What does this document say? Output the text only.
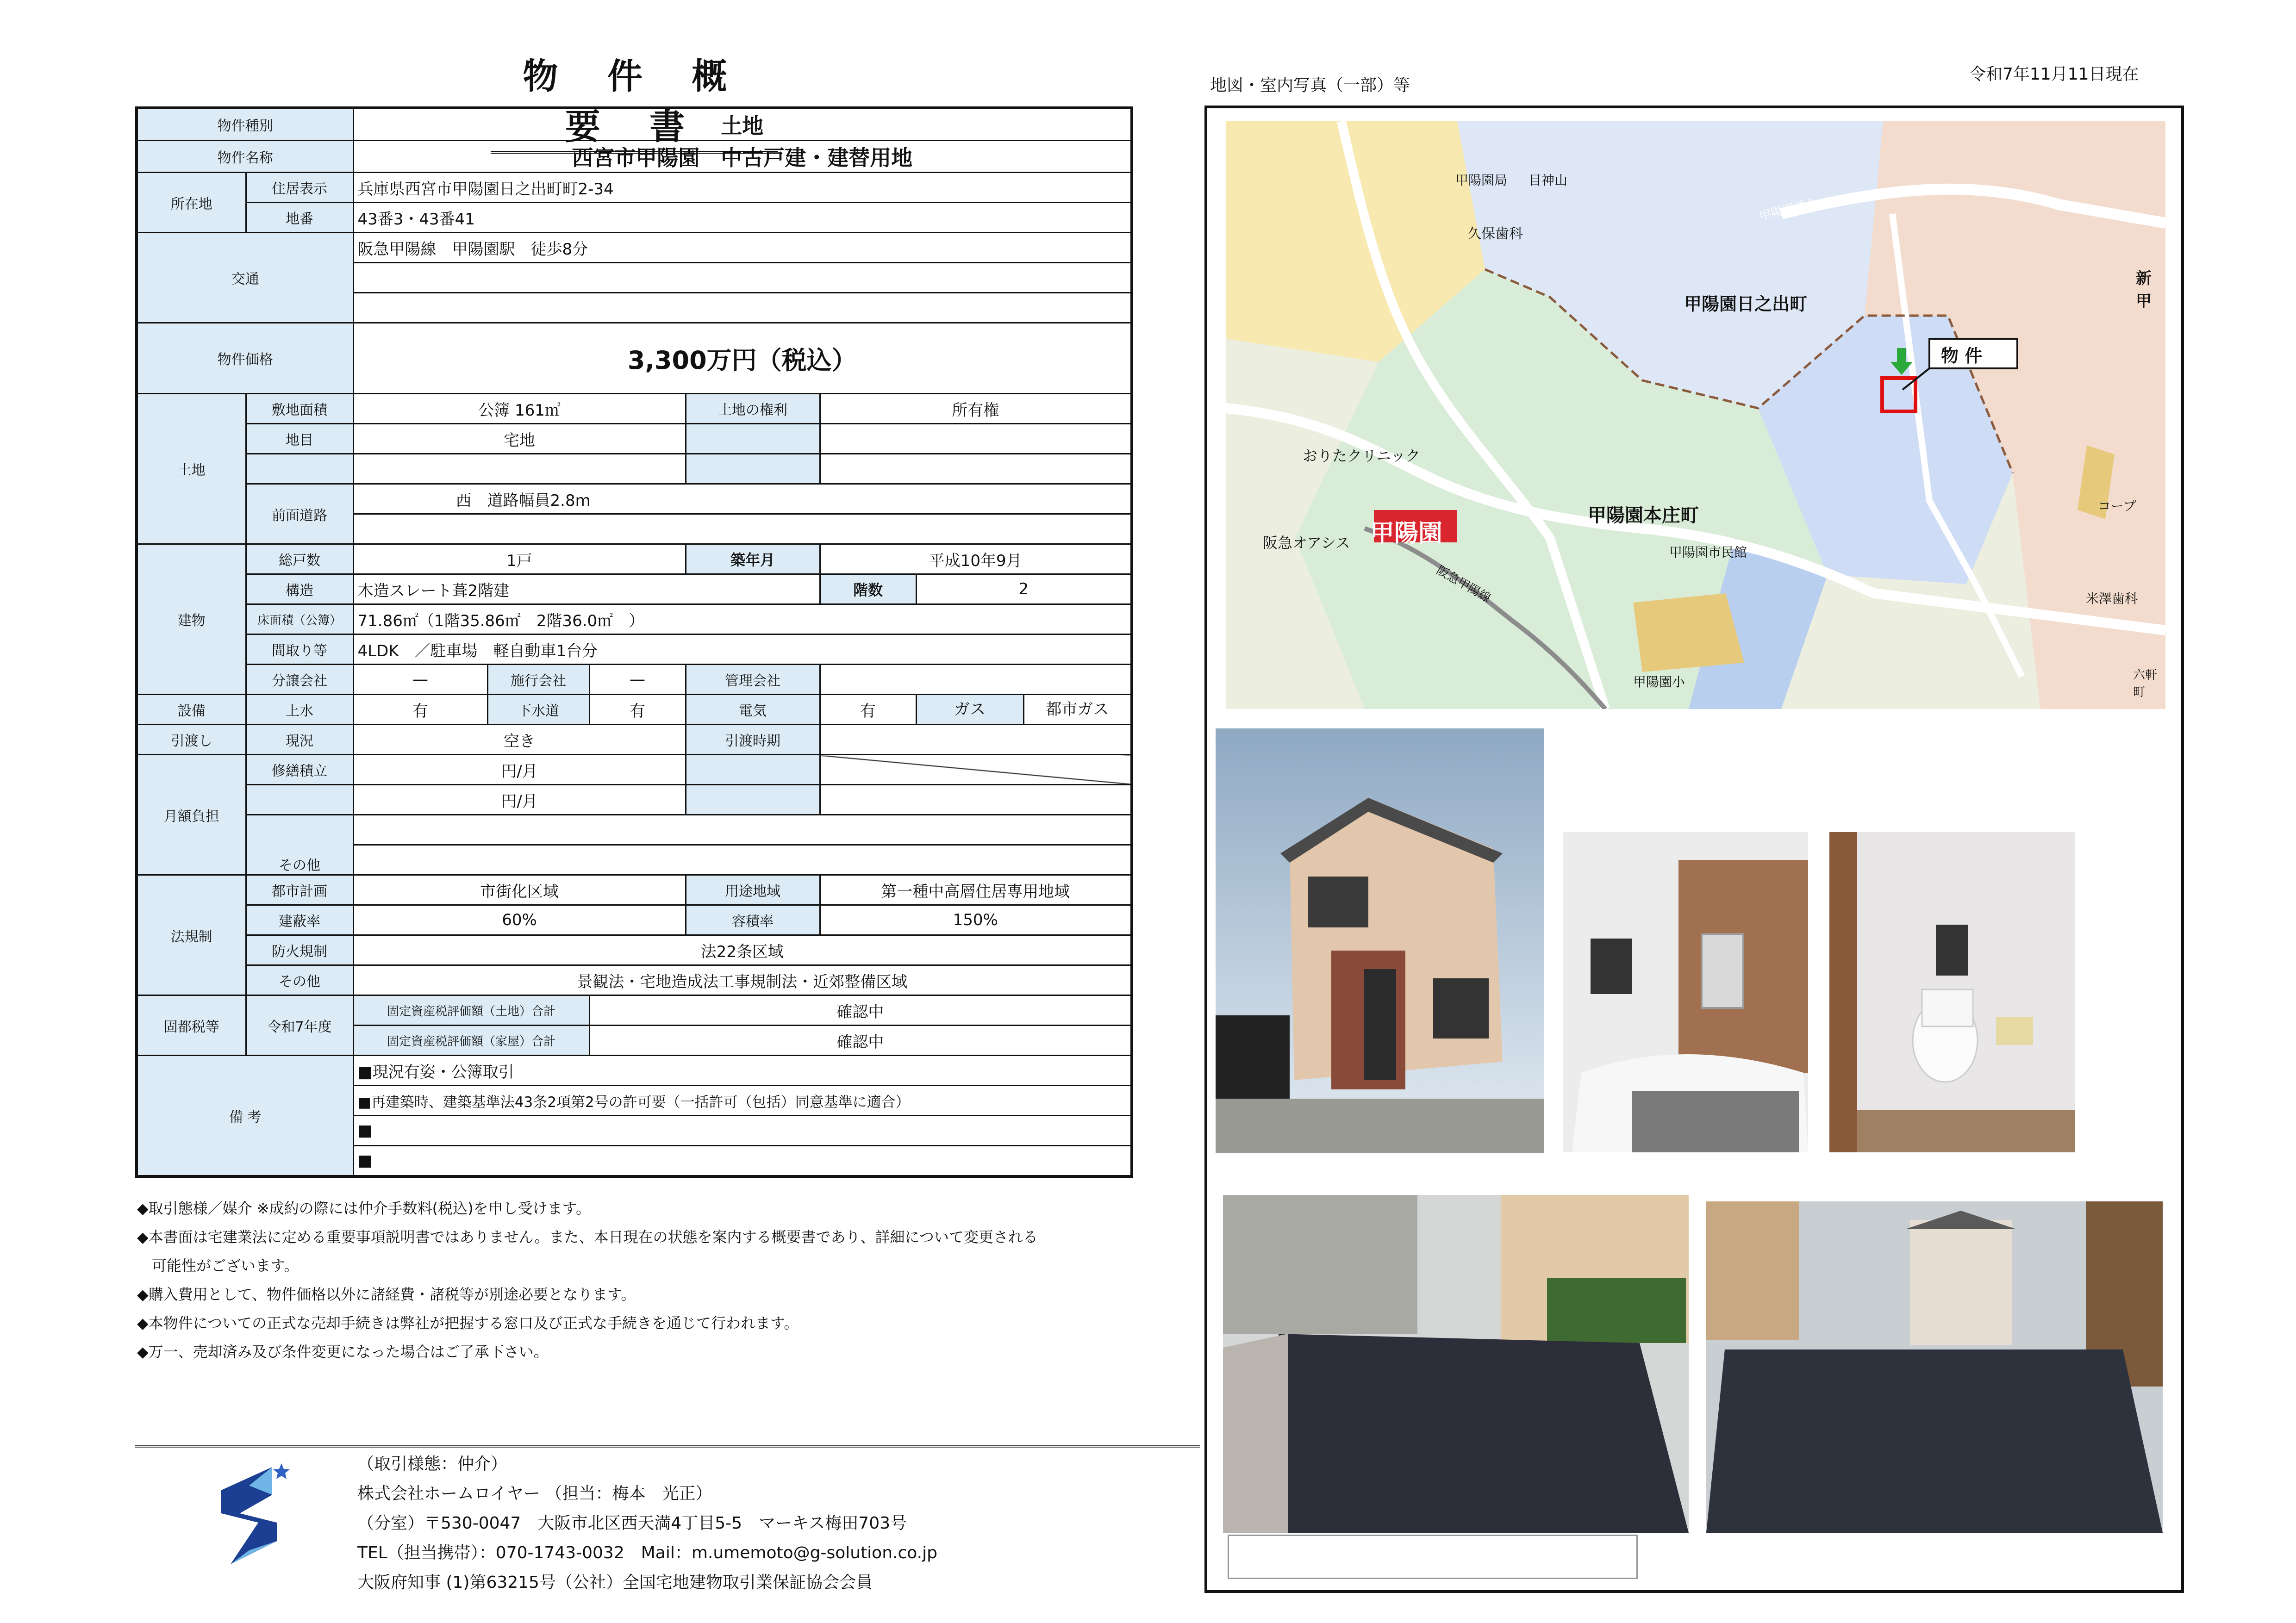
物 件 概 要 書
地図・室内写真（一部）等
令和7年11月11日現在
物件種別		土地					
物件名称		西宮市甲陽園　中古戸建・建替用地					
所在地	住居表示	兵庫県西宮市甲陽園日之出町町2-34					
	地番	43番3・43番41					
交通		阪急甲陽線　甲陽園駅　徒歩8分					

物件価格		3,300万円（税込）					
土地	敷地面積	公簿 161㎡			土地の権利	所有権	
	地目	宅地					

	前面道路	西　 道路幅員2.8m					

建物	総戸数	1戸			築年月	平成10年9月	
	構造	木造スレート葺2階建				階数	2
	床面積（公簿）	71.86㎡（1階35.86㎡　2階36.0㎡　）					
	間取り等	4LDK　／駐車場　軽自動車1台分					
	分譲会社	—	施行会社	—	管理会社		
設備	上水	有	下水道	有	電気	有	ガス 都市ガス

引渡し	現況	空き			引渡時期		
月額負担	修繕積立	円/月					
		円/月					
	その他						

法規制	都市計画	市街化区域			用途地域	第一種中高層住居専用地域	
	建蔽率	60%			容積率	150%	
	防火規制	法22条区域					
	その他	景観法・宅地造成法工事規制法・近郊整備区域					
固都税等	令和7年度	固定資産税評価額（土地）合計		確認中			
		固定資産税評価額（家屋）合計		確認中			
備 考		■現況有姿・公簿取引					
		■再建築時、建築基準法43条2項第2号の許可要（一括許可（包括）同意基準に適合）					
		■					
		■					
◆取引態様／媒介 ※成約の際には仲介手数料(税込)を申し受けます。
◆本書面は宅建業法に定める重要事項説明書ではありません。また、本日現在の状態を案内する概要書であり、詳細について変更される
　可能性がございます。
◆購入費用として、物件価格以外に諸経費・諸税等が別途必要となります。
◆本物件についての正式な売却手続きは弊社が把握する窓口及び正式な手続きを通じて行われます。
◆万一、売却済み及び条件変更になった場合はご了承下さい。
（取引様態：仲介）
株式会社ホームロイヤー （担当：梅本　光正）
（分室）〒530-0047　大阪市北区西天満4丁目5-5　マーキス梅田703号
TEL（担当携帯）：070-1743-0032　Mail：m.umemoto@g-solution.co.jp
大阪府知事 (1)第63215号（公社）全国宅地建物取引業保証協会会員
物 件
甲陽園局 目神山
久保歯科
甲陽園通り
甲陽園日之出町
おりたクリニック
甲陽園
阪急オアシス
甲陽園本庄町
甲陽園市民館
コープ
米澤歯科
阪急甲陽線
甲陽園小
新甲
六軒町
